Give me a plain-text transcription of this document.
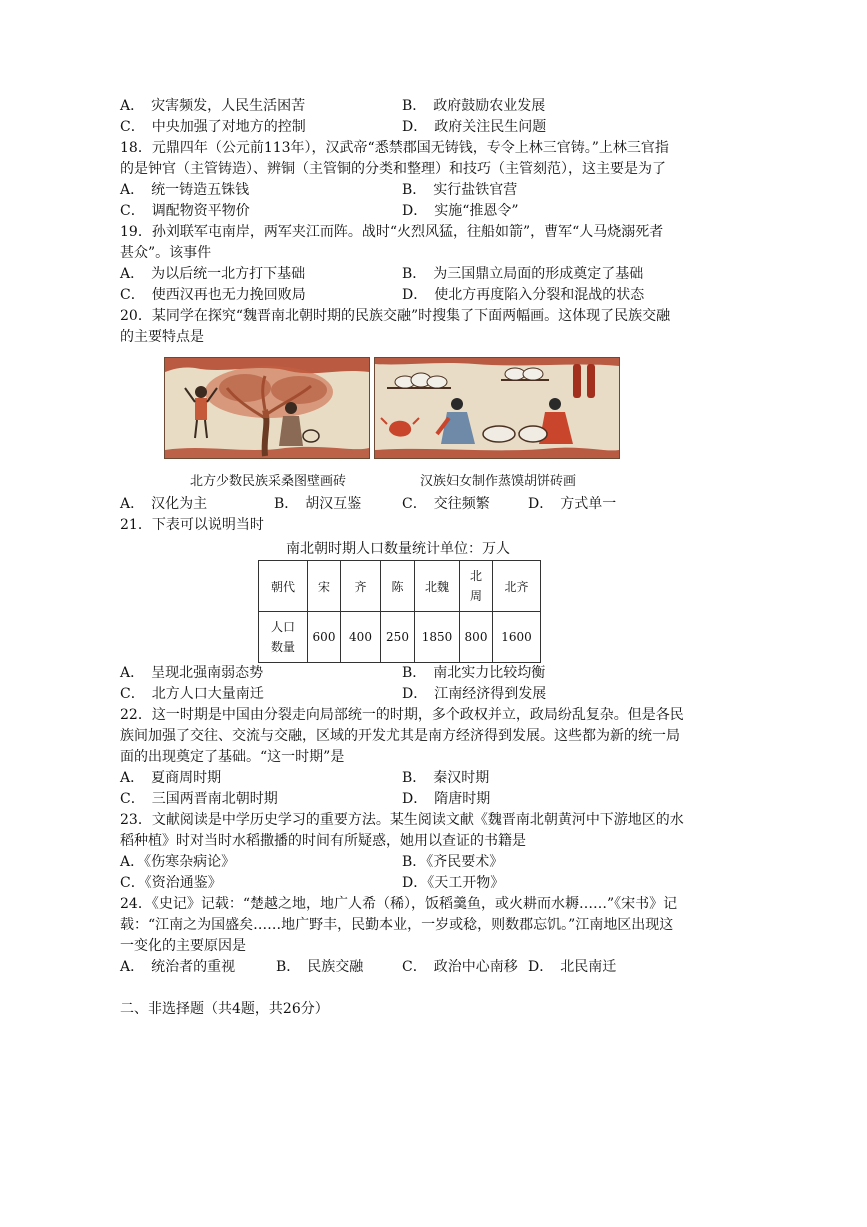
A．　灾害频发，人民生活困苦	B．　政府鼓励农业发展
C．　中央加强了对地方的控制	D．　政府关注民生问题
18．元鼎四年（公元前113年），汉武帝“悉禁郡国无铸钱，专令上林三官铸。”上林三官指
的是钟官（主管铸造）、辨铜（主管铜的分类和整理）和技巧（主管刻范），这主要是为了
A．　统一铸造五铢钱	B．　实行盐铁官营
C．　调配物资平物价	D．　实施“推恩令”
19．孙刘联军屯南岸，两军夹江而阵。战时“火烈风猛，往船如箭”，曹军“人马烧溺死者
甚众”。该事件
A．　为以后统一北方打下基础	B．　为三国鼎立局面的形成奠定了基础
C．　使西汉再也无力挽回败局	D．　使北方再度陷入分裂和混战的状态
20．某同学在探究“魏晋南北朝时期的民族交融”时搜集了下面两幅画。这体现了民族交融
的主要特点是
北方少数民族采桑图壁画砖	汉族妇女制作蒸馍胡饼砖画
A．　汉化为主	B．　胡汉互鉴	C．　交往频繁	D．　方式单一
21．下表可以说明当时
南北朝时期人口数量统计单位：万人
朝代	宋	齐	陈	北魏	北
周	北齐
人口
数量	600	400	250	1850	800	1600
A．　呈现北强南弱态势	B．　南北实力比较均衡
C．　北方人口大量南迁	D．　江南经济得到发展
22．这一时期是中国由分裂走向局部统一的时期，多个政权并立，政局纷乱复杂。但是各民
族间加强了交往、交流与交融，区域的开发尤其是南方经济得到发展。这些都为新的统一局
面的出现奠定了基础。“这一时期”是
A．　夏商周时期	B．　秦汉时期
C．　三国两晋南北朝时期	D．　隋唐时期
23．文献阅读是中学历史学习的重要方法。某生阅读文献《魏晋南北朝黄河中下游地区的水
稻种植》时对当时水稻撒播的时间有所疑惑，她用以查证的书籍是
A．《伤寒杂病论》	B．《齐民要术》
C．《资治通鉴》	D．《天工开物》
24．《史记》记载：“楚越之地，地广人希（稀），饭稻羹鱼，或火耕而水耨……”《宋书》记
载：“江南之为国盛矣……地广野丰，民勤本业，一岁或稔，则数郡忘饥。”江南地区出现这
一变化的主要原因是
A．　统治者的重视	B．　民族交融	C．　政治中心南移 D．　北民南迁
二、非选择题（共4题，共26分）
